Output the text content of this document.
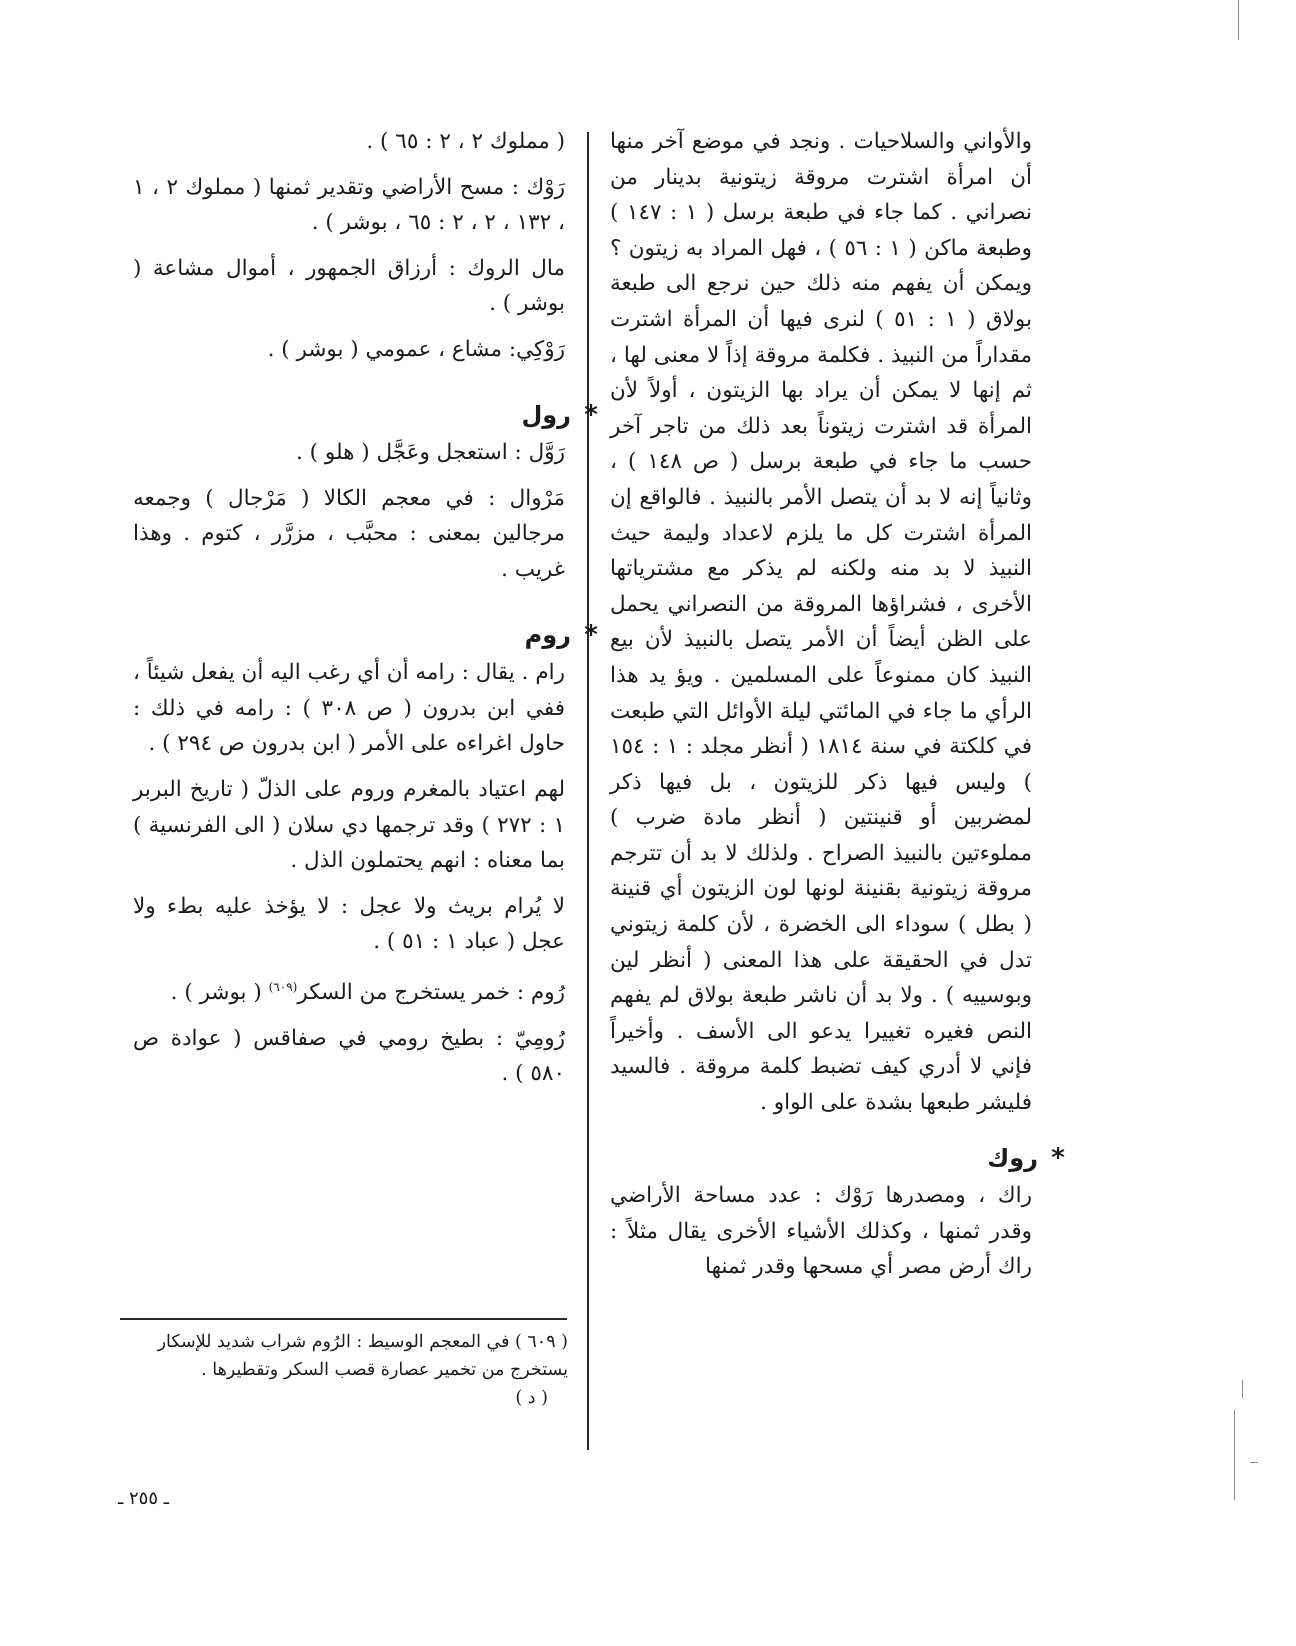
والأواني والسلاحيات . ونجد في موضع آخر منها أن امرأة اشترت مروقة زيتونية بدينار من نصراني . كما جاء في طبعة برسل ( ١ : ١٤٧ ) وطبعة ماكن ( ١ : ٥٦ ) ، فهل المراد به زيتون ؟ ويمكن أن يفهم منه ذلك حين نرجع الى طبعة بولاق ( ١ : ٥١ ) لنرى فيها أن المرأة اشترت مقداراً من النبيذ . فكلمة مروقة إذاً لا معنى لها ، ثم إنها لا يمكن أن يراد بها الزيتون ، أولاً لأن المرأة قد اشترت زيتوناً بعد ذلك من تاجر آخر حسب ما جاء في طبعة برسل ( ص ١٤٨ ) ، وثانياً إنه لا بد أن يتصل الأمر بالنبيذ . فالواقع إن المرأة اشترت كل ما يلزم لاعداد وليمة حيث النبيذ لا بد منه ولكنه لم يذكر مع مشترياتها الأخرى ، فشراؤها المروقة من النصراني يحمل على الظن أيضاً أن الأمر يتصل بالنبيذ لأن بيع النبيذ كان ممنوعاً على المسلمين . ويؤ يد هذا الرأي ما جاء في المائتي ليلة الأوائل التي طبعت في كلكتة في سنة ١٨١٤ ( أنظر مجلد : ١ : ١٥٤ ) وليس فيها ذكر للزيتون ، بل فيها ذكر لمضربين أو قنينتين ( أنظر مادة ضرب ) مملوءتين بالنبيذ الصراح . ولذلك لا بد أن تترجم مروقة زيتونية بقنينة لونها لون الزيتون أي قنينة ( بطل ) سوداء الى الخضرة ، لأن كلمة زيتوني تدل في الحقيقة على هذا المعنى ( أنظر لين وبوسييه ) . ولا بد أن ناشر طبعة بولاق لم يفهم النص فغيره تغييرا يدعو الى الأسف . وأخيراً فإني لا أدري كيف تضبط كلمة مروقة . فالسيد فليشر طبعها بشدة على الواو .

*
روك

راك ، ومصدرها رَوْك : عدد مساحة الأراضي وقدر ثمنها ، وكذلك الأشياء الأخرى يقال مثلاً : راك أرض مصر أي مسحها وقدر ثمنها

( مملوك ٢ ، ٢ : ٦٥ ) .

رَوْك : مسح الأراضي وتقدير ثمنها ( مملوك ٢ ، ١ ، ١٣٢ ، ٢ ، ٢ : ٦٥ ، بوشر ) .

مال الروك : أرزاق الجمهور ، أموال مشاعة ( بوشر ) .

رَوْكِي: مشاع ، عمومي ( بوشر ) .

*
رول

رَوَّل : استعجل وعَجَّل ( هلو ) .

مَرْوال : في معجم الكالا ( مَرْجال ) وجمعه مرجالين بمعنى : محبَّب ، مزرَّر ، كتوم . وهذا غريب .

*
روم

رام . يقال : رامه أن أي رغب اليه أن يفعل شيئاً ، ففي ابن بدرون ( ص ٣٠٨ ) : رامه في ذلك : حاول اغراءه على الأمر ( ابن بدرون ص ٢٩٤ ) .

لهم اعتياد بالمغرم وروم على الذلّ ( تاريخ البربر ١ : ٢٧٢ ) وقد ترجمها دي سلان ( الى الفرنسية ) بما معناه : انهم يحتملون الذل .

لا يُرام بريث ولا عجل : لا يؤخذ عليه بطء ولا عجل ( عباد ١ : ٥١ ) .

رُوم : خمر يستخرج من السكر$^{(٦٠٩)}$ ( بوشر ) .

رُومِيّ : بطيخ رومي في صفاقس ( عوادة ص ٥٨٠ ) .

( ٦٠٩ ) في المعجم الوسيط : الرُوم شراب شديد للإسكار يستخرج من تخمير عصارة قصب السكر وتقطيرها .

( د )

ـ ٢٥٥ ـ
